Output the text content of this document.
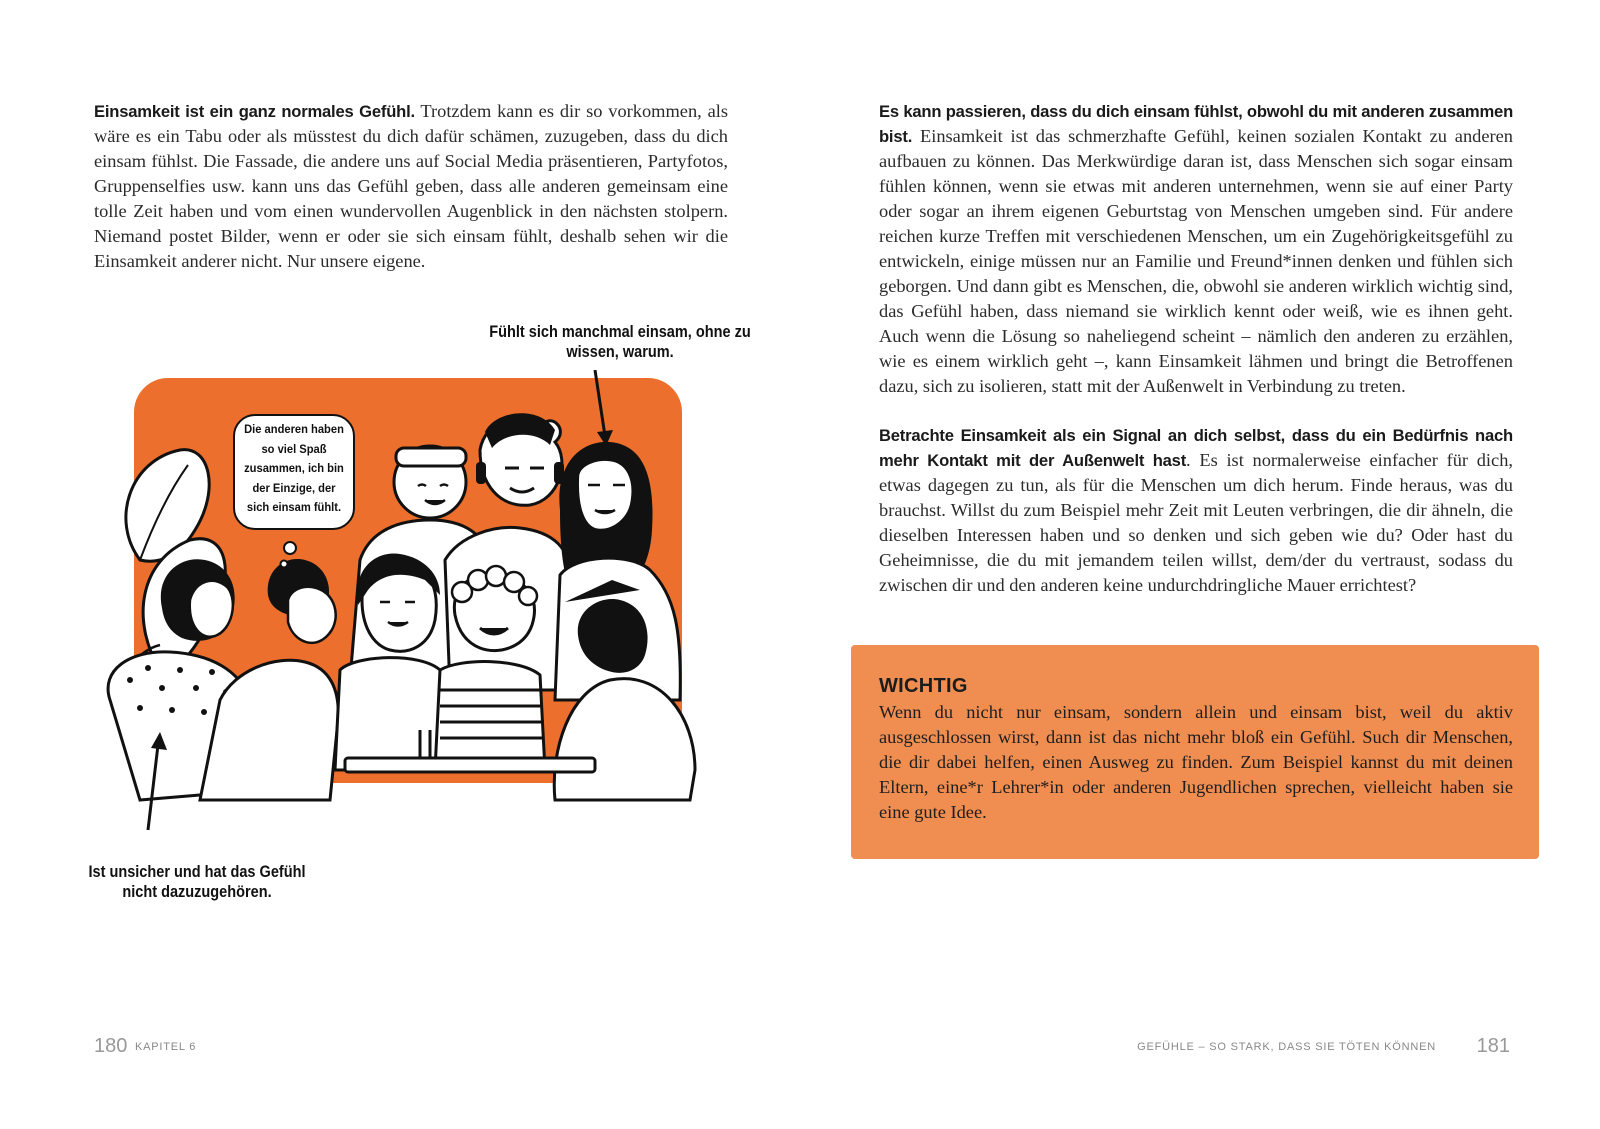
Einsamkeit ist ein ganz normales Gefühl. Trotzdem kann es dir so vorkommen, als wäre es ein Tabu oder als müsstest du dich dafür schämen, zuzugeben, dass du dich einsam fühlst. Die Fassade, die andere uns auf Social Media präsentieren, Partyfotos, Gruppenselfies usw. kann uns das Gefühl geben, dass alle anderen gemeinsam eine tolle Zeit haben und vom einen wundervollen Augenblick in den nächsten stolpern. Niemand postet Bilder, wenn er oder sie sich einsam fühlt, deshalb sehen wir die Einsamkeit anderer nicht. Nur unsere eigene.

Fühlt sich manchmal einsam, ohne zu wissen, warum.
Die anderen haben so viel Spaß zusammen, ich bin der Einzige, der sich einsam fühlt.
Ist unsicher und hat das Gefühl nicht dazuzugehören.
180 KAPITEL 6

Es kann passieren, dass du dich einsam fühlst, obwohl du mit anderen zusammen bist. Einsamkeit ist das schmerzhafte Gefühl, keinen sozialen Kontakt zu anderen aufbauen zu können. Das Merkwürdige daran ist, dass Menschen sich sogar einsam fühlen können, wenn sie etwas mit anderen unternehmen, wenn sie auf einer Party oder sogar an ihrem eigenen Geburtstag von Menschen umgeben sind. Für andere reichen kurze Treffen mit verschiedenen Menschen, um ein Zugehörigkeitsgefühl zu entwickeln, einige müssen nur an Familie und Freund*innen denken und fühlen sich geborgen. Und dann gibt es Menschen, die, obwohl sie anderen wirklich wichtig sind, das Gefühl haben, dass niemand sie wirklich kennt oder weiß, wie es ihnen geht. Auch wenn die Lösung so naheliegend scheint – nämlich den anderen zu erzählen, wie es einem wirklich geht –, kann Einsamkeit lähmen und bringt die Betroffenen dazu, sich zu isolieren, statt mit der Außenwelt in Verbindung zu treten.

Betrachte Einsamkeit als ein Signal an dich selbst, dass du ein Bedürfnis nach mehr Kontakt mit der Außenwelt hast. Es ist normalerweise einfacher für dich, etwas dagegen zu tun, als für die Menschen um dich herum. Finde heraus, was du brauchst. Willst du zum Beispiel mehr Zeit mit Leuten verbringen, die dir ähneln, die dieselben Interessen haben und so denken und sich geben wie du? Oder hast du Geheimnisse, die du mit jemandem teilen willst, dem/der du vertraust, sodass du zwischen dir und den anderen keine undurchdringliche Mauer errichtest?

WICHTIG

Wenn du nicht nur einsam, sondern allein und einsam bist, weil du aktiv ausgeschlossen wirst, dann ist das nicht mehr bloß ein Gefühl. Such dir Menschen, die dir dabei helfen, einen Ausweg zu finden. Zum Beispiel kannst du mit deinen Eltern, eine*r Lehrer*in oder anderen Jugendlichen sprechen, vielleicht haben sie eine gute Idee.

GEFÜHLE – SO STARK, DASS SIE TÖTEN KÖNNEN 181
